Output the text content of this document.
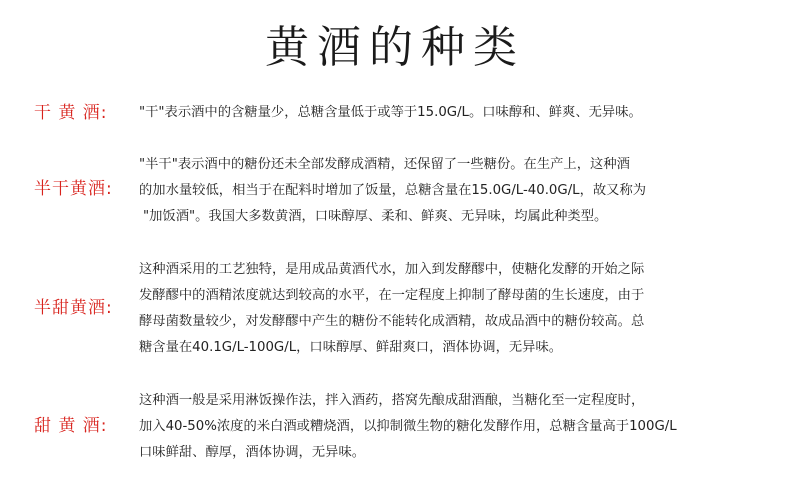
黄酒的种类
干 黄 酒: "干"表示酒中的含糖量少，总糖含量低于或等于15.0G/L。口味醇和、鲜爽、无异味。
半干黄酒:
"半干"表示酒中的糖份还未全部发酵成酒精，还保留了一些糖份。在生产上，这种酒
的加水量较低，相当于在配料时增加了饭量，总糖含量在15.0G/L-40.0G/L，故又称为
"加饭酒"。我国大多数黄酒，口味醇厚、柔和、鲜爽、无异味，均属此种类型。
半甜黄酒:
这种酒采用的工艺独特，是用成品黄酒代水，加入到发酵醪中，使糖化发酵的开始之际
发酵醪中的酒精浓度就达到较高的水平，在一定程度上抑制了酵母菌的生长速度，由于
酵母菌数量较少，对发酵醪中产生的糖份不能转化成酒精，故成品酒中的糖份较高。总
糖含量在40.1G/L-100G/L，口味醇厚、鲜甜爽口，酒体协调，无异味。
甜 黄 酒:
这种酒一般是采用淋饭操作法，拌入酒药，搭窝先酿成甜酒酿，当糖化至一定程度时，
加入40-50%浓度的米白酒或糟烧酒，以抑制微生物的糖化发酵作用，总糖含量高于100G/L
口味鲜甜、醇厚，酒体协调，无异味。
